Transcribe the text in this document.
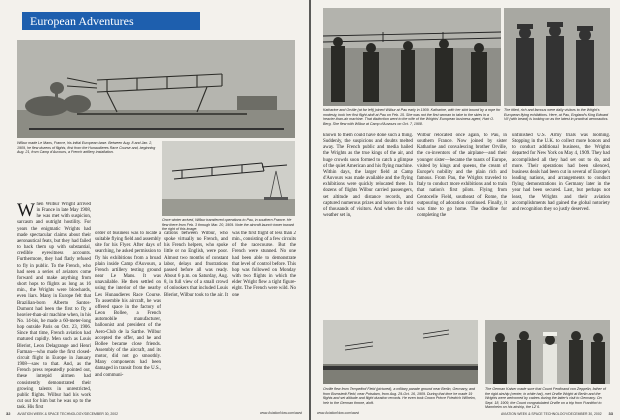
European Adventures
Wilbur made Le Mans, France, his initial European base. Between Aug. 8 and Jan. 2, 1909, he flew dozens of flights, first from the Hunaudieres Race Course and, beginning Aug. 21, from Camp d'Auvours, a French artillery installation.
Once winter arrived, Wilbur transferred operations to Pau, in southern France. He flew there from Feb. 3 through Mar. 20, 1909. Note the aircraft launch tower toward the right of this image.

When Wilbur Wright arrived in France in late May 1908, he was met with suspicion, sarcasm and outright hostility. For years the enigmatic Wrights had made spectacular claims about their aeronautical feats, but they had failed to back them up with substantial, credible eyewitness accounts. Furthermore, they had flatly refused to fly in public. To the French, who had seen a series of aviators come forward and make anything from short hops to flights as long as 16 min., the Wrights were blowhards, even liars. Many in Europe felt that Brazilian-born Alberto Santos-Dumont had been the first to fly a heavier-than-air machine when, in his No. 14-bis, he made a 60-meter-long hop outside Paris on Oct. 23, 1906. Since that time, French aviation had matured rapidly. Men such as Louis Bleriot, Leon Delagrange and Henri Farman—who made the first closed-circuit flight in Europe in January 1908—saw to that. And, as the French press repeatedly pointed out, these intrepid airmen had consistently demonstrated their growing talents in unrestricted, public flights. Wilbur had his work cut out for him but he was up to the task. His first

order of business was to locate a suitable flying field and assembly site for his Flyer. After days of searching, he asked permission to fly his exhibitions from a broad plain inside Camp d'Auvours, a French artillery testing ground near Le Mans. It was unavailable. He then settled on using the interior of the nearby Les Hunaudieres Race Course. To assemble his aircraft, he was offered space in the factory of Leon Bollee, a French automobile manufacturer, balloonist and president of the Aero-Club de la Sarthe. Wilbur accepted the offer, and he and Bollee became close friends. Assembly of the aircraft, and its motor, did not go smoothly. Many components had been damaged in transit from the U.S., and communi-

cations between Wilbur, who spoke virtually no French, and his French helpers, who spoke little or no English, were poor. Almost two months of constant labor, delays and frustrations passed before all was ready. About 6 p.m. on Saturday, Aug. 8, in full view of a small crowd of onlookers that included Louis Bleriot, Wilbur took to the air. It was the first flight of less than 2 min., consisting of a few circuits of the racecourse. But the French were stunned. No one had been able to demonstrate that level of control before. This hop was followed on Monday with two flights in which the elder Wright flew a tight figure-eight. The French were wild. No one

32 AVIATION WEEK & SPACE TECHNOLOGY/DECEMBER 30, 2002	www.AviationNow.com/awst
Katharine and Orville (at far left) joined Wilbur at Pau early in 1909. Katharine, with her skirt bound by a rope for modesty, took her first flight aloft at Pau on Feb. 15. She was not the first woman to take to the skies in a heavier-than-air machine. That distinction went to the wife of the Wrights' European business agent, Hart O. Berg. She flew with Wilbur at Camp d'Auvours on Oct. 7, 1908.
The titled, rich and famous were daily visitors to the Wright's European flying exhibitions. Here, at Pau, England's King Edward VII (with beard) is looking on as the latest in practical aeronautics.

known to them could have done such a thing. Suddenly, the suspicions and doubts melted away. The French public and media hailed the Wrights as the true kings of the air, and huge crowds soon formed to catch a glimpse of the quiet American and his flying machine. Within days, the larger field at Camp d'Auvours was made available and the flying exhibitions were quickly relocated there. In dozens of flights Wilbur carried passengers, set altitude and distance records, and captured numerous prizes and honors in front of thousands of visitors. And when the cold weather set in,

Wilbur relocated once again, to Pau, in southern France. Now joined by sister Katharine and convalescing brother Orville, the co-inventors of the airplane—and their younger sister—became the toasts of Europe, visited by kings and queens, the cream of Europe's nobility and the plain rich and famous. From Pau, the Wrights traveled to Italy to conduct more exhibitions and to train that nation's first pilots. Flying from Centocelle Field, southeast of Rome, the outpouring of adoration continued. Finally, it was time to go home. The deadline for completing the

unfinished U.S. Army trials was looming. Stopping in the U.K. to collect more honors and to conduct additional business, the Wrights departed for New York on May 4, 1909. They had accomplished all they had set out to do, and more. Their operations had been silenced, business deals had been cut in several of Europe's leading nations, and arrangements to conduct flying demonstrations in Germany later in the year had been secured. Last, but perhaps not least, the Wrights and their aviation accomplishments had gained the global notoriety and recognition they so justly deserved.

Orville flew from Tempelhof Field (pictured), a military parade ground near Berlin, Germany, and from Bornstedt Field, near Potsdam, from Aug. 29-Oct. 16, 1909. During that time he made 19 flights and set altitude and flight duration records. He even took Crown Prince Friedrich Wilhelm, heir to the German throne, aloft.
The German Kaiser made sure that Count Ferdinand von Zeppelin, father of the rigid airship (center, in white hat), met Orville Wright at Berlin and the Wrights were welcomed by cadres during the latter's visit to Germany. On Sept. 18, 1909, the Count congratulated Orville on a trip from Frankfort to Mannheim on his airship, the LZ 6.
www.AviationNow.com/awst	AVIATION WEEK & SPACE TECHNOLOGY/DECEMBER 30, 2002 33
